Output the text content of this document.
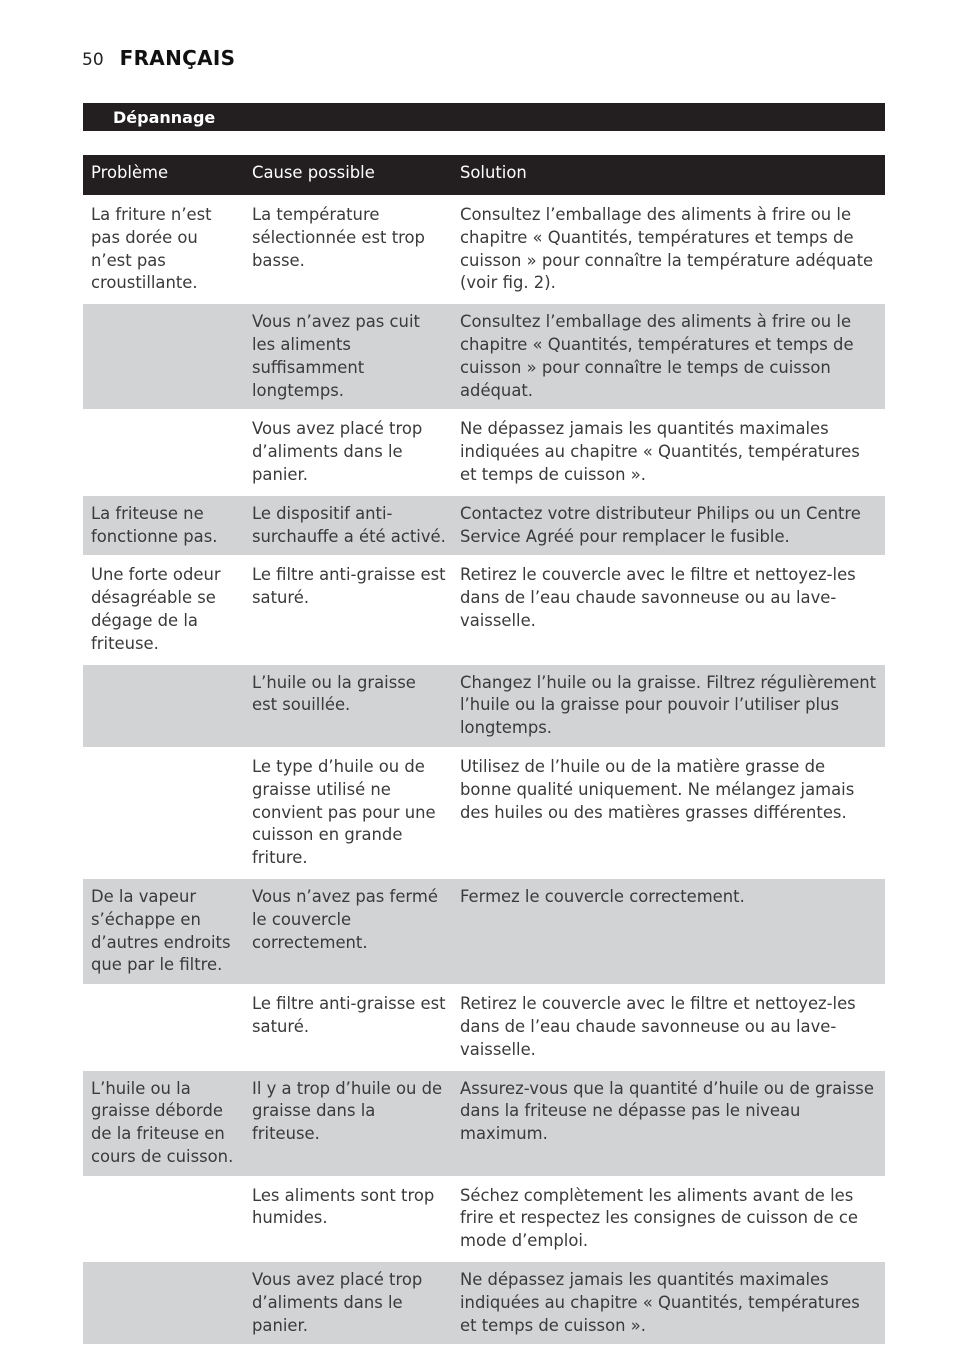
50 FRANÇAIS
Dépannage
Problème	Cause possible	Solution
La friture n’est pas dorée ou n’est pas croustillante.	La température sélectionnée est trop basse.	Consultez l’emballage des aliments à frire ou le chapitre « Quantités, températures et temps de cuisson » pour connaître la température adéquate (voir fig. 2).
	Vous n’avez pas cuit les aliments suffisamment longtemps.	Consultez l’emballage des aliments à frire ou le chapitre « Quantités, températures et temps de cuisson » pour connaître le temps de cuisson adéquat.
	Vous avez placé trop d’aliments dans le panier.	Ne dépassez jamais les quantités maximales indiquées au chapitre « Quantités, températures et temps de cuisson ».
La friteuse ne fonctionne pas.	Le dispositif anti-surchauffe a été activé.	Contactez votre distributeur Philips ou un Centre Service Agréé pour remplacer le fusible.
Une forte odeur désagréable se dégage de la friteuse.	Le filtre anti-graisse est saturé.	Retirez le couvercle avec le filtre et nettoyez-les dans de l’eau chaude savonneuse ou au lave-vaisselle.
	L’huile ou la graisse est souillée.	Changez l’huile ou la graisse. Filtrez régulièrement l’huile ou la graisse pour pouvoir l’utiliser plus longtemps.
	Le type d’huile ou de graisse utilisé ne convient pas pour une cuisson en grande friture.	Utilisez de l’huile ou de la matière grasse de bonne qualité uniquement. Ne mélangez jamais des huiles ou des matières grasses différentes.
De la vapeur s’échappe en d’autres endroits que par le filtre.	Vous n’avez pas fermé le couvercle correctement.	Fermez le couvercle correctement.
	Le filtre anti-graisse est saturé.	Retirez le couvercle avec le filtre et nettoyez-les dans de l’eau chaude savonneuse ou au lave-vaisselle.
L’huile ou la graisse déborde de la friteuse en cours de cuisson.	Il y a trop d’huile ou de graisse dans la friteuse.	Assurez-vous que la quantité d’huile ou de graisse dans la friteuse ne dépasse pas le niveau maximum.
	Les aliments sont trop humides.	Séchez complètement les aliments avant de les frire et respectez les consignes de cuisson de ce mode d’emploi.
	Vous avez placé trop d’aliments dans le panier.	Ne dépassez jamais les quantités maximales indiquées au chapitre « Quantités, températures et temps de cuisson ».
